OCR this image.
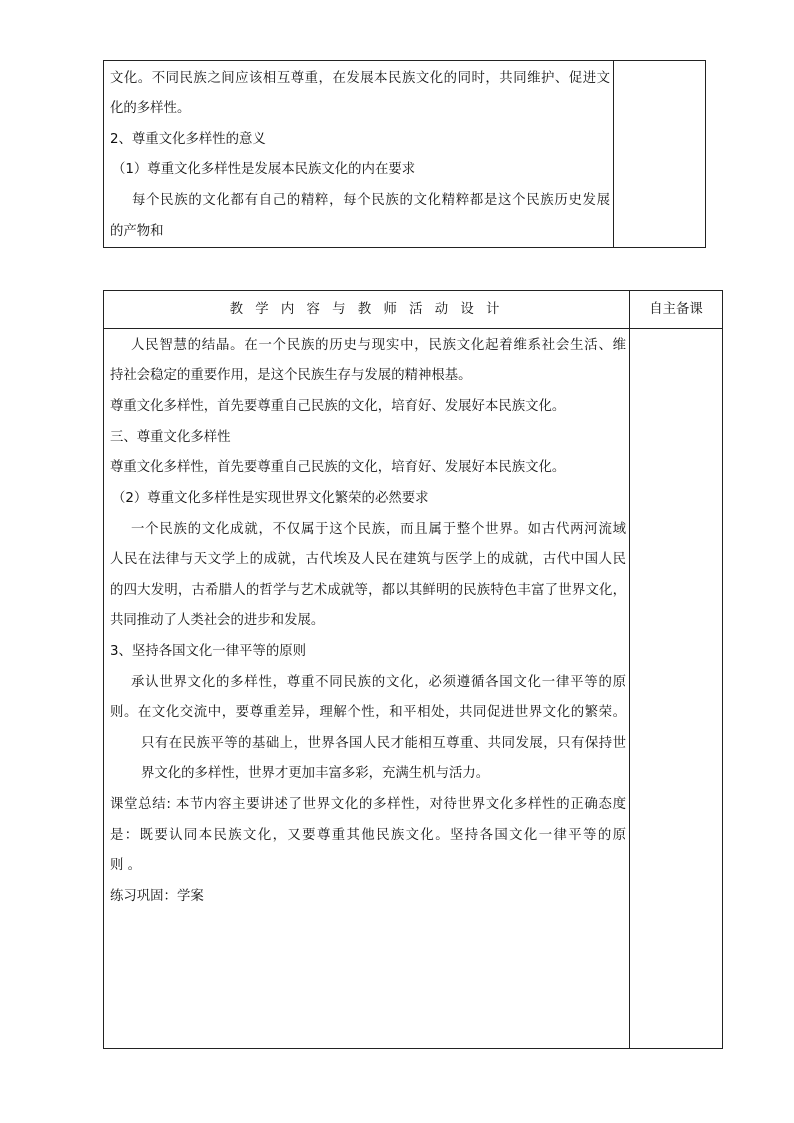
文化。不同民族之间应该相互尊重，在发展本民族文化的同时，共同维护、促进文
化的多样性。
2、尊重文化多样性的意义
（1）尊重文化多样性是发展本民族文化的内在要求
每个民族的文化都有自己的精粹，每个民族的文化精粹都是这个民族历史发展
的产物和
教 学 内 容 与 教 师 活 动 设 计	自主备课
人民智慧的结晶。在一个民族的历史与现实中，民族文化起着维系社会生活、维
持社会稳定的重要作用，是这个民族生存与发展的精神根基。
尊重文化多样性，首先要尊重自己民族的文化，培育好、发展好本民族文化。
三、尊重文化多样性
尊重文化多样性，首先要尊重自己民族的文化，培育好、发展好本民族文化。
（2）尊重文化多样性是实现世界文化繁荣的必然要求
一个民族的文化成就，不仅属于这个民族，而且属于整个世界。如古代两河流域
人民在法律与天文学上的成就，古代埃及人民在建筑与医学上的成就，古代中国人民
的四大发明，古希腊人的哲学与艺术成就等，都以其鲜明的民族特色丰富了世界文化，
共同推动了人类社会的进步和发展。
3、坚持各国文化一律平等的原则
承认世界文化的多样性，尊重不同民族的文化，必须遵循各国文化一律平等的原
则。在文化交流中，要尊重差异，理解个性，和平相处，共同促进世界文化的繁荣。
只有在民族平等的基础上，世界各国人民才能相互尊重、共同发展，只有保持世
界文化的多样性，世界才更加丰富多彩，充满生机与活力。
课堂总结: 本节内容主要讲述了世界文化的多样性，对待世界文化多样性的正确态度
是：既要认同本民族文化，又要尊重其他民族文化。坚持各国文化一律平等的原
则 。
练习巩固：学案
